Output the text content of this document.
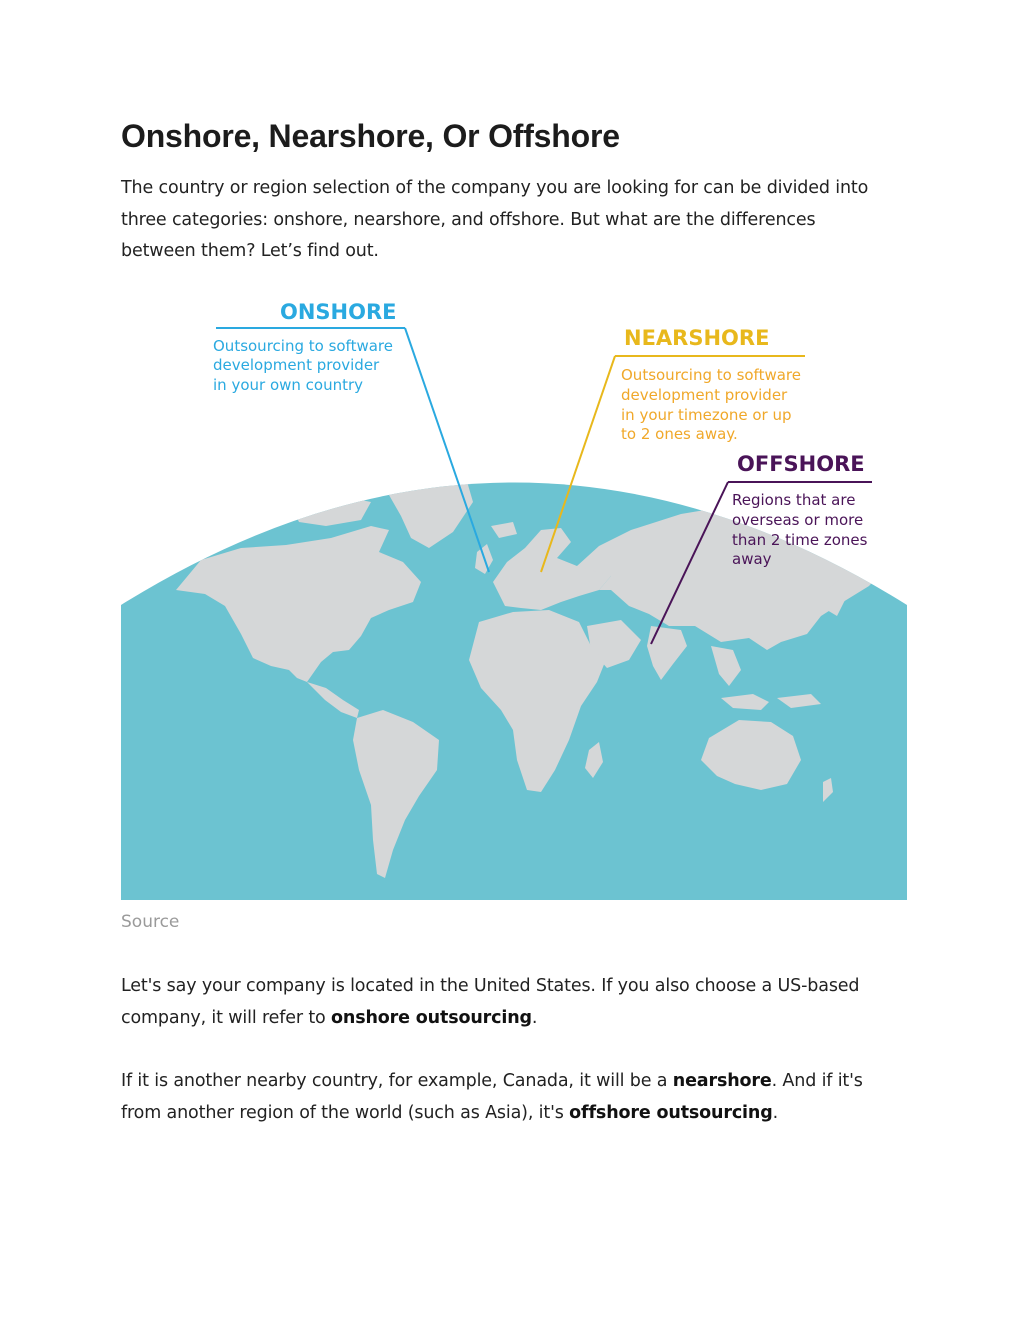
Onshore, Nearshore, Or Offshore

The country or region selection of the company you are looking for can be divided into
three categories: onshore, nearshore, and offshore. But what are the differences
between them? Let’s find out.

ONSHORE
Outsourcing to software
development provider
in your own country
NEARSHORE
Outsourcing to software
development provider
in your timezone or up
to 2 ones away.
OFFSHORE
Regions that are
overseas or more
than 2 time zones
away

Source

Let's say your company is located in the United States. If you also choose a US-based
company, it will refer to onshore outsourcing.

If it is another nearby country, for example, Canada, it will be a nearshore. And if it's
from another region of the world (such as Asia), it's offshore outsourcing.
